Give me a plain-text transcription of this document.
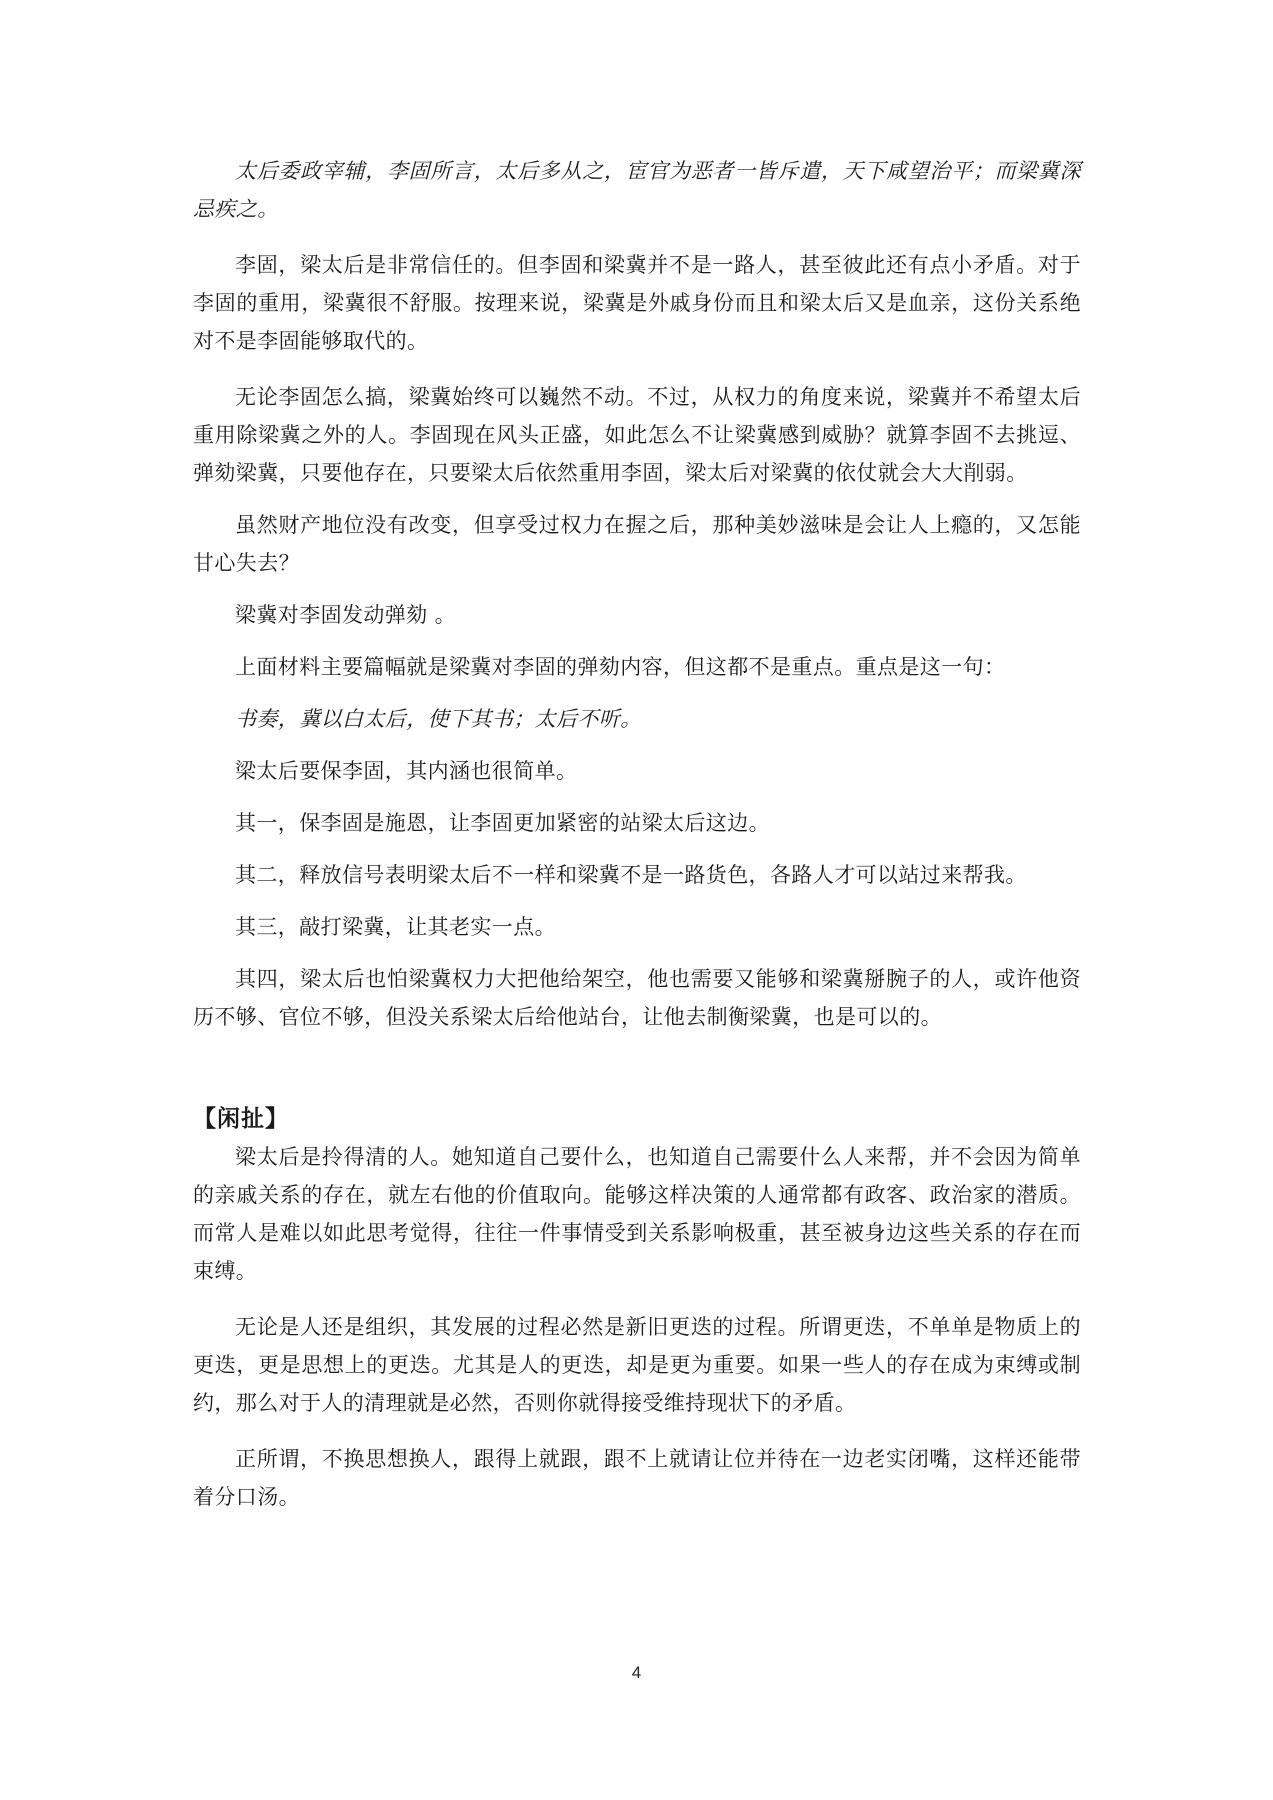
太后委政宰辅，李固所言，太后多从之，宦官为恶者一皆斥遣，天下咸望治平；而梁冀深忌疾之。

李固，梁太后是非常信任的。但李固和梁冀并不是一路人，甚至彼此还有点小矛盾。对于李固的重用，梁冀很不舒服。按理来说，梁冀是外戚身份而且和梁太后又是血亲，这份关系绝对不是李固能够取代的。

无论李固怎么搞，梁冀始终可以巍然不动。不过，从权力的角度来说，梁冀并不希望太后重用除梁冀之外的人。李固现在风头正盛，如此怎么不让梁冀感到威胁？就算李固不去挑逗、弹劾梁冀，只要他存在，只要梁太后依然重用李固，梁太后对梁冀的依仗就会大大削弱。

虽然财产地位没有改变，但享受过权力在握之后，那种美妙滋味是会让人上瘾的，又怎能甘心失去？

梁冀对李固发动弹劾 。

上面材料主要篇幅就是梁冀对李固的弹劾内容，但这都不是重点。重点是这一句：

书奏，冀以白太后，使下其书；太后不听。

梁太后要保李固，其内涵也很简单。

其一，保李固是施恩，让李固更加紧密的站梁太后这边。

其二，释放信号表明梁太后不一样和梁冀不是一路货色，各路人才可以站过来帮我。

其三，敲打梁冀，让其老实一点。

其四，梁太后也怕梁冀权力大把他给架空，他也需要又能够和梁冀掰腕子的人，或许他资历不够、官位不够，但没关系梁太后给他站台，让他去制衡梁冀，也是可以的。

【闲扯】

梁太后是拎得清的人。她知道自己要什么，也知道自己需要什么人来帮，并不会因为简单的亲戚关系的存在，就左右他的价值取向。能够这样决策的人通常都有政客、政治家的潜质。而常人是难以如此思考觉得，往往一件事情受到关系影响极重，甚至被身边这些关系的存在而束缚。

无论是人还是组织，其发展的过程必然是新旧更迭的过程。所谓更迭，不单单是物质上的更迭，更是思想上的更迭。尤其是人的更迭，却是更为重要。如果一些人的存在成为束缚或制约，那么对于人的清理就是必然，否则你就得接受维持现状下的矛盾。

正所谓，不换思想换人，跟得上就跟，跟不上就请让位并待在一边老实闭嘴，这样还能带着分口汤。

4
